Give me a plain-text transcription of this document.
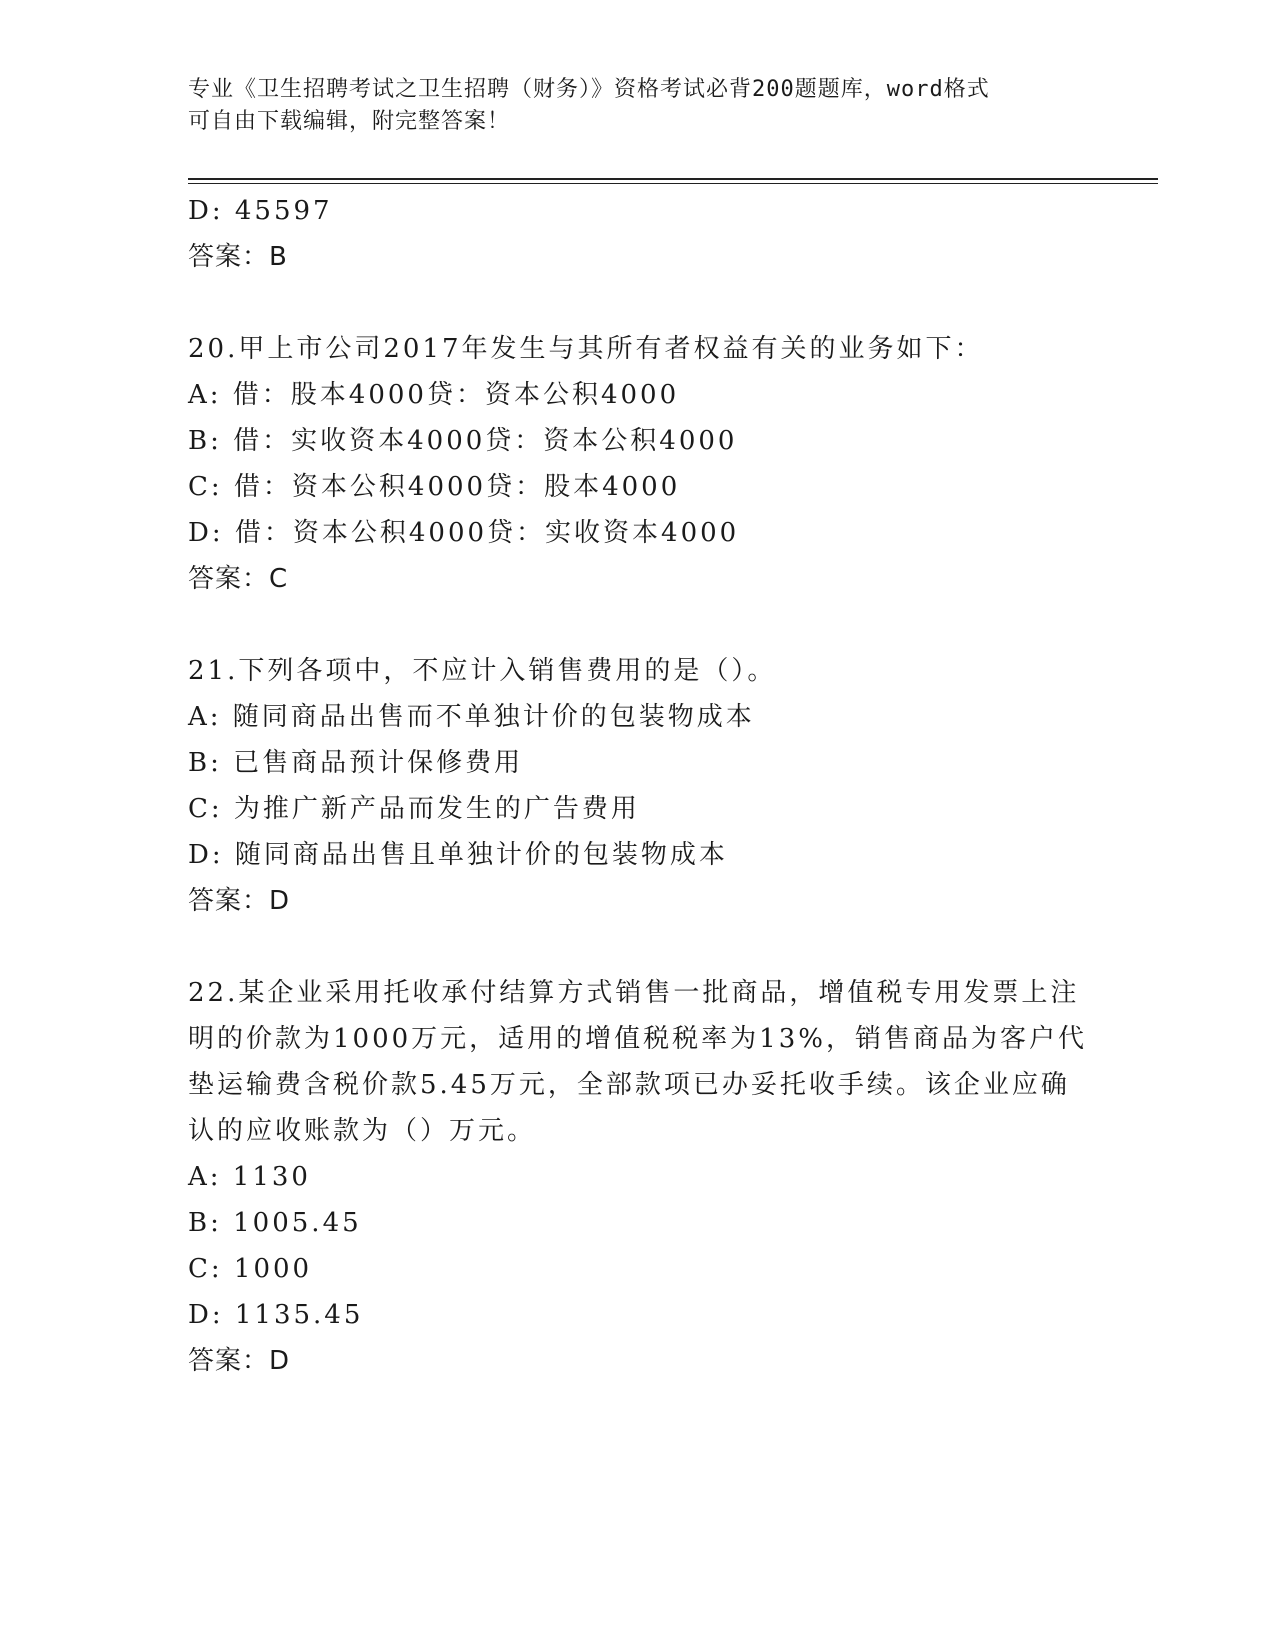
专业《卫生招聘考试之卫生招聘（财务）》资格考试必背200题题库，word格式
可自由下载编辑，附完整答案！
D: 45597
答案：B
20.甲上市公司2017年发生与其所有者权益有关的业务如下：
A: 借：股本4000贷：资本公积4000
B: 借：实收资本4000贷：资本公积4000
C: 借：资本公积4000贷：股本4000
D: 借：资本公积4000贷：实收资本4000
答案：C
21.下列各项中，不应计入销售费用的是（）。
A: 随同商品出售而不单独计价的包装物成本
B: 已售商品预计保修费用
C: 为推广新产品而发生的广告费用
D: 随同商品出售且单独计价的包装物成本
答案：D
22.某企业采用托收承付结算方式销售一批商品，增值税专用发票上注
明的价款为1000万元，适用的增值税税率为13%，销售商品为客户代
垫运输费含税价款5.45万元，全部款项已办妥托收手续。该企业应确
认的应收账款为（）万元。
A: 1130
B: 1005.45
C: 1000
D: 1135.45
答案：D
